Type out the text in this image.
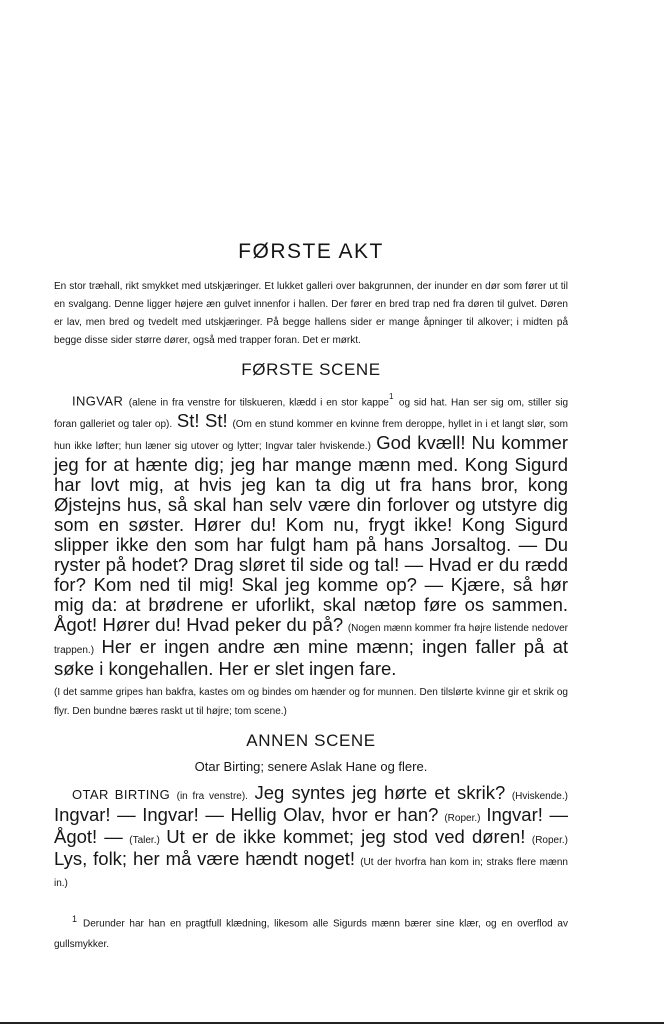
FØRSTE AKT

En stor træhall, rikt smykket med utskjæringer. Et lukket galleri over bakgrunnen, der inunder en dør som fører ut til en svalgang. Denne ligger højere æn gulvet innenfor i hallen. Der fører en bred trap ned fra døren til gulvet. Døren er lav, men bred og tvedelt med utskjæringer. På begge hallens sider er mange åpninger til alkover; i midten på begge disse sider større dører, også med trapper foran. Det er mørkt.

FØRSTE SCENE

INGVAR (alene in fra venstre for tilskueren, klædd i en stor kappe$^1$ og sid hat. Han ser sig om, stiller sig foran galleriet og taler op). St! St! (Om en stund kommer en kvinne frem deroppe, hyllet in i et langt slør, som hun ikke løfter; hun læner sig utover og lytter; Ingvar taler hviskende.) God kvæll! Nu kommer jeg for at hænte dig; jeg har mange mænn med. Kong Sigurd har lovt mig, at hvis jeg kan ta dig ut fra hans bror, kong Øjstejns hus, så skal han selv være din forlover og utstyre dig som en søster. Hører du! Kom nu, frygt ikke! Kong Sigurd slipper ikke den som har fulgt ham på hans Jorsaltog. — Du ryster på hodet? Drag sløret til side og tal! — Hvad er du rædd for? Kom ned til mig! Skal jeg komme op? — Kjære, så hør mig da: at brødrene er uforlikt, skal nætop føre os sammen. Ågot! Hører du! Hvad peker du på? (Nogen mænn kommer fra højre listende nedover trappen.) Her er ingen andre æn mine mænn; ingen faller på at søke i kongehallen. Her er slet ingen fare.

(I det samme gripes han bakfra, kastes om og bindes om hænder og for munnen. Den tilslørte kvinne gir et skrik og flyr. Den bundne bæres raskt ut til højre; tom scene.)

ANNEN SCENE

Otar Birting; senere Aslak Hane og flere.

OTAR BIRTING (in fra venstre). Jeg syntes jeg hørte et skrik? (Hviskende.) Ingvar! — Ingvar! — Hellig Olav, hvor er han? (Roper.) Ingvar! — Ågot! — (Taler.) Ut er de ikke kommet; jeg stod ved døren! (Roper.) Lys, folk; her må være hændt noget! (Ut der hvorfra han kom in; straks flere mænn in.)

1 Derunder har han en pragtfull klædning, likesom alle Sigurds mænn bærer sine klær, og en overflod av gullsmykker.
